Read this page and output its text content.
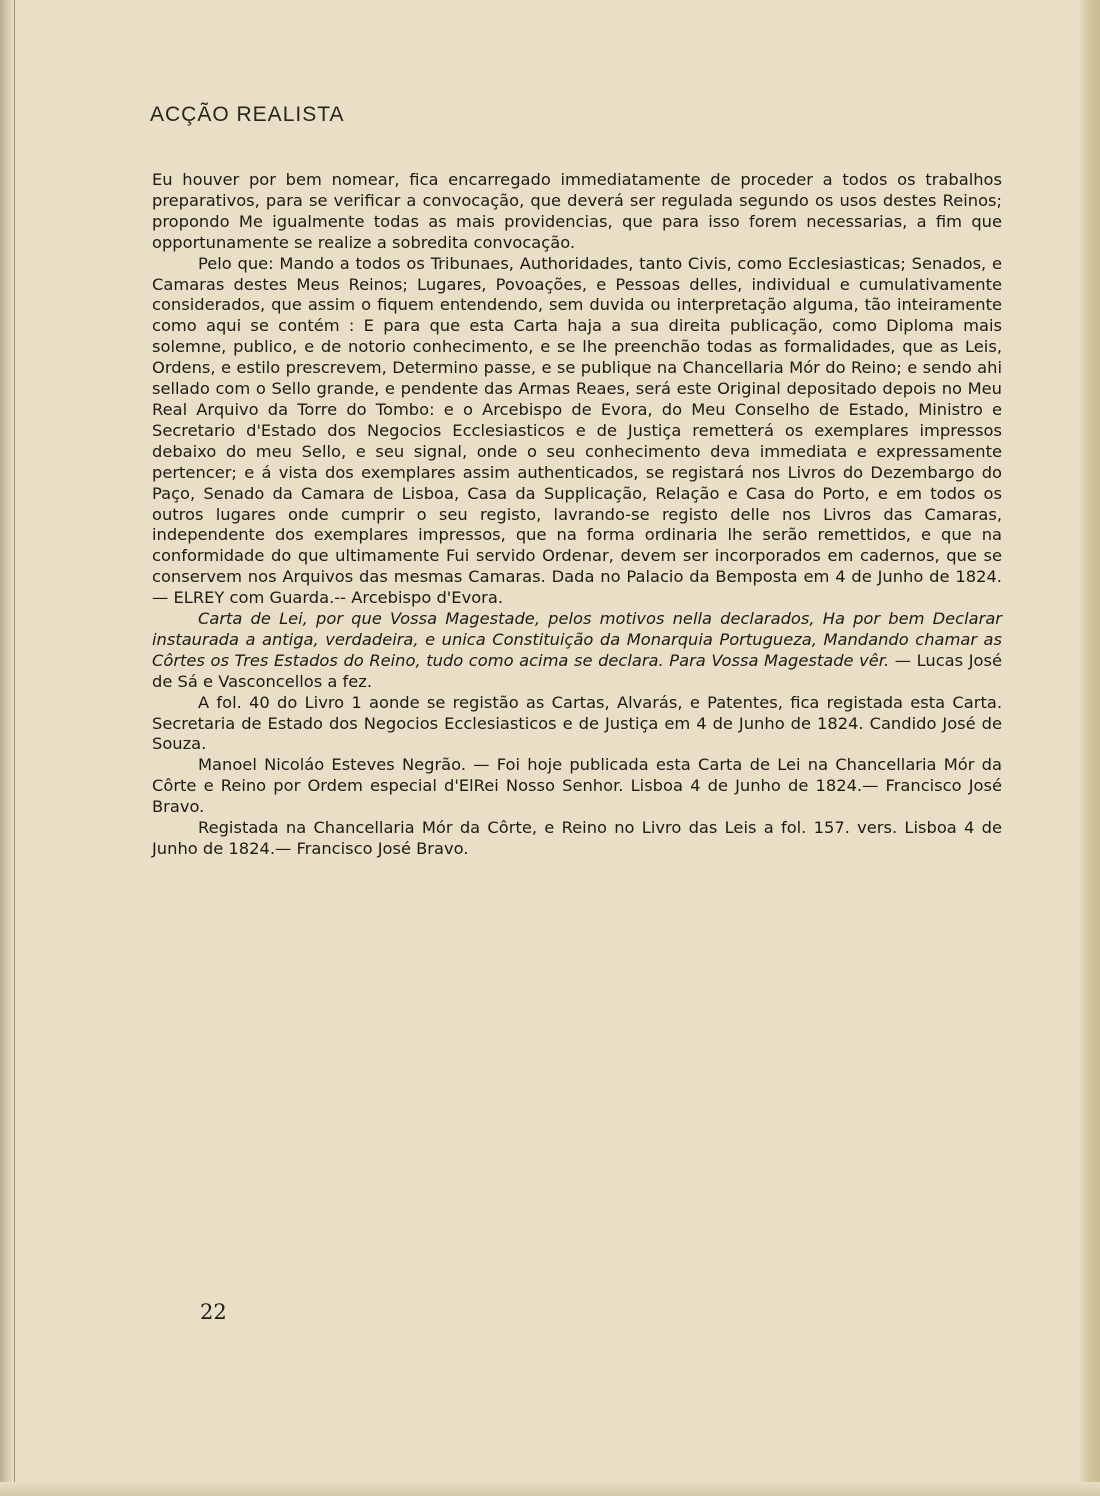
ACÇÃO REALISTA

Eu houver por bem nomear, fica encarregado immediatamente de proceder a todos os trabalhos preparativos, para se verificar a convocação, que deverá ser regulada segundo os usos destes Reinos; propondo Me igualmente todas as mais providencias, que para isso forem necessarias, a fim que opportunamente se realize a sobredita convocação.

Pelo que: Mando a todos os Tribunaes, Authoridades, tanto Civis, como Ecclesiasticas; Senados, e Camaras destes Meus Reinos; Lugares, Povoações, e Pessoas delles, individual e cumulativamente considerados, que assim o fiquem entendendo, sem duvida ou interpretação alguma, tão inteiramente como aqui se contém : E para que esta Carta haja a sua direita publicação, como Diploma mais solemne, publico, e de notorio conhecimento, e se lhe preenchão todas as formalidades, que as Leis, Ordens, e estilo prescrevem, Determino passe, e se publique na Chancellaria Mór do Reino; e sendo ahi sellado com o Sello grande, e pendente das Armas Reaes, será este Original depositado depois no Meu Real Arquivo da Torre do Tombo: e o Arcebispo de Evora, do Meu Conselho de Estado, Ministro e Secretario d'Estado dos Negocios Ecclesiasticos e de Justiça remetterá os exemplares impressos debaixo do meu Sello, e seu signal, onde o seu conhecimento deva immediata e expressamente pertencer; e á vista dos exemplares assim authenticados, se registará nos Livros do Dezembargo do Paço, Senado da Camara de Lisboa, Casa da Supplicação, Relação e Casa do Porto, e em todos os outros lugares onde cumprir o seu registo, lavrando-se registo delle nos Livros das Camaras, independente dos exemplares impressos, que na forma ordinaria lhe serão remettidos, e que na conformidade do que ultimamente Fui servido Ordenar, devem ser incorporados em cadernos, que se conservem nos Arquivos das mesmas Camaras. Dada no Palacio da Bemposta em 4 de Junho de 1824.— ELREY com Guarda.-- Arcebispo d'Evora.

Carta de Lei, por que Vossa Magestade, pelos motivos nella declarados, Ha por bem Declarar instaurada a antiga, verdadeira, e unica Constituição da Monarquia Portugueza, Mandando chamar as Côrtes os Tres Estados do Reino, tudo como acima se declara. Para Vossa Magestade vêr. — Lucas José de Sá e Vasconcellos a fez.

A fol. 40 do Livro 1 aonde se registão as Cartas, Alvarás, e Patentes, fica registada esta Carta. Secretaria de Estado dos Negocios Ecclesiasticos e de Justiça em 4 de Junho de 1824. Candido José de Souza.

Manoel Nicoláo Esteves Negrão. — Foi hoje publicada esta Carta de Lei na Chancellaria Mór da Côrte e Reino por Ordem especial d'ElRei Nosso Senhor. Lisboa 4 de Junho de 1824.— Francisco José Bravo.

Registada na Chancellaria Mór da Côrte, e Reino no Livro das Leis a fol. 157. vers. Lisboa 4 de Junho de 1824.— Francisco José Bravo.

22
